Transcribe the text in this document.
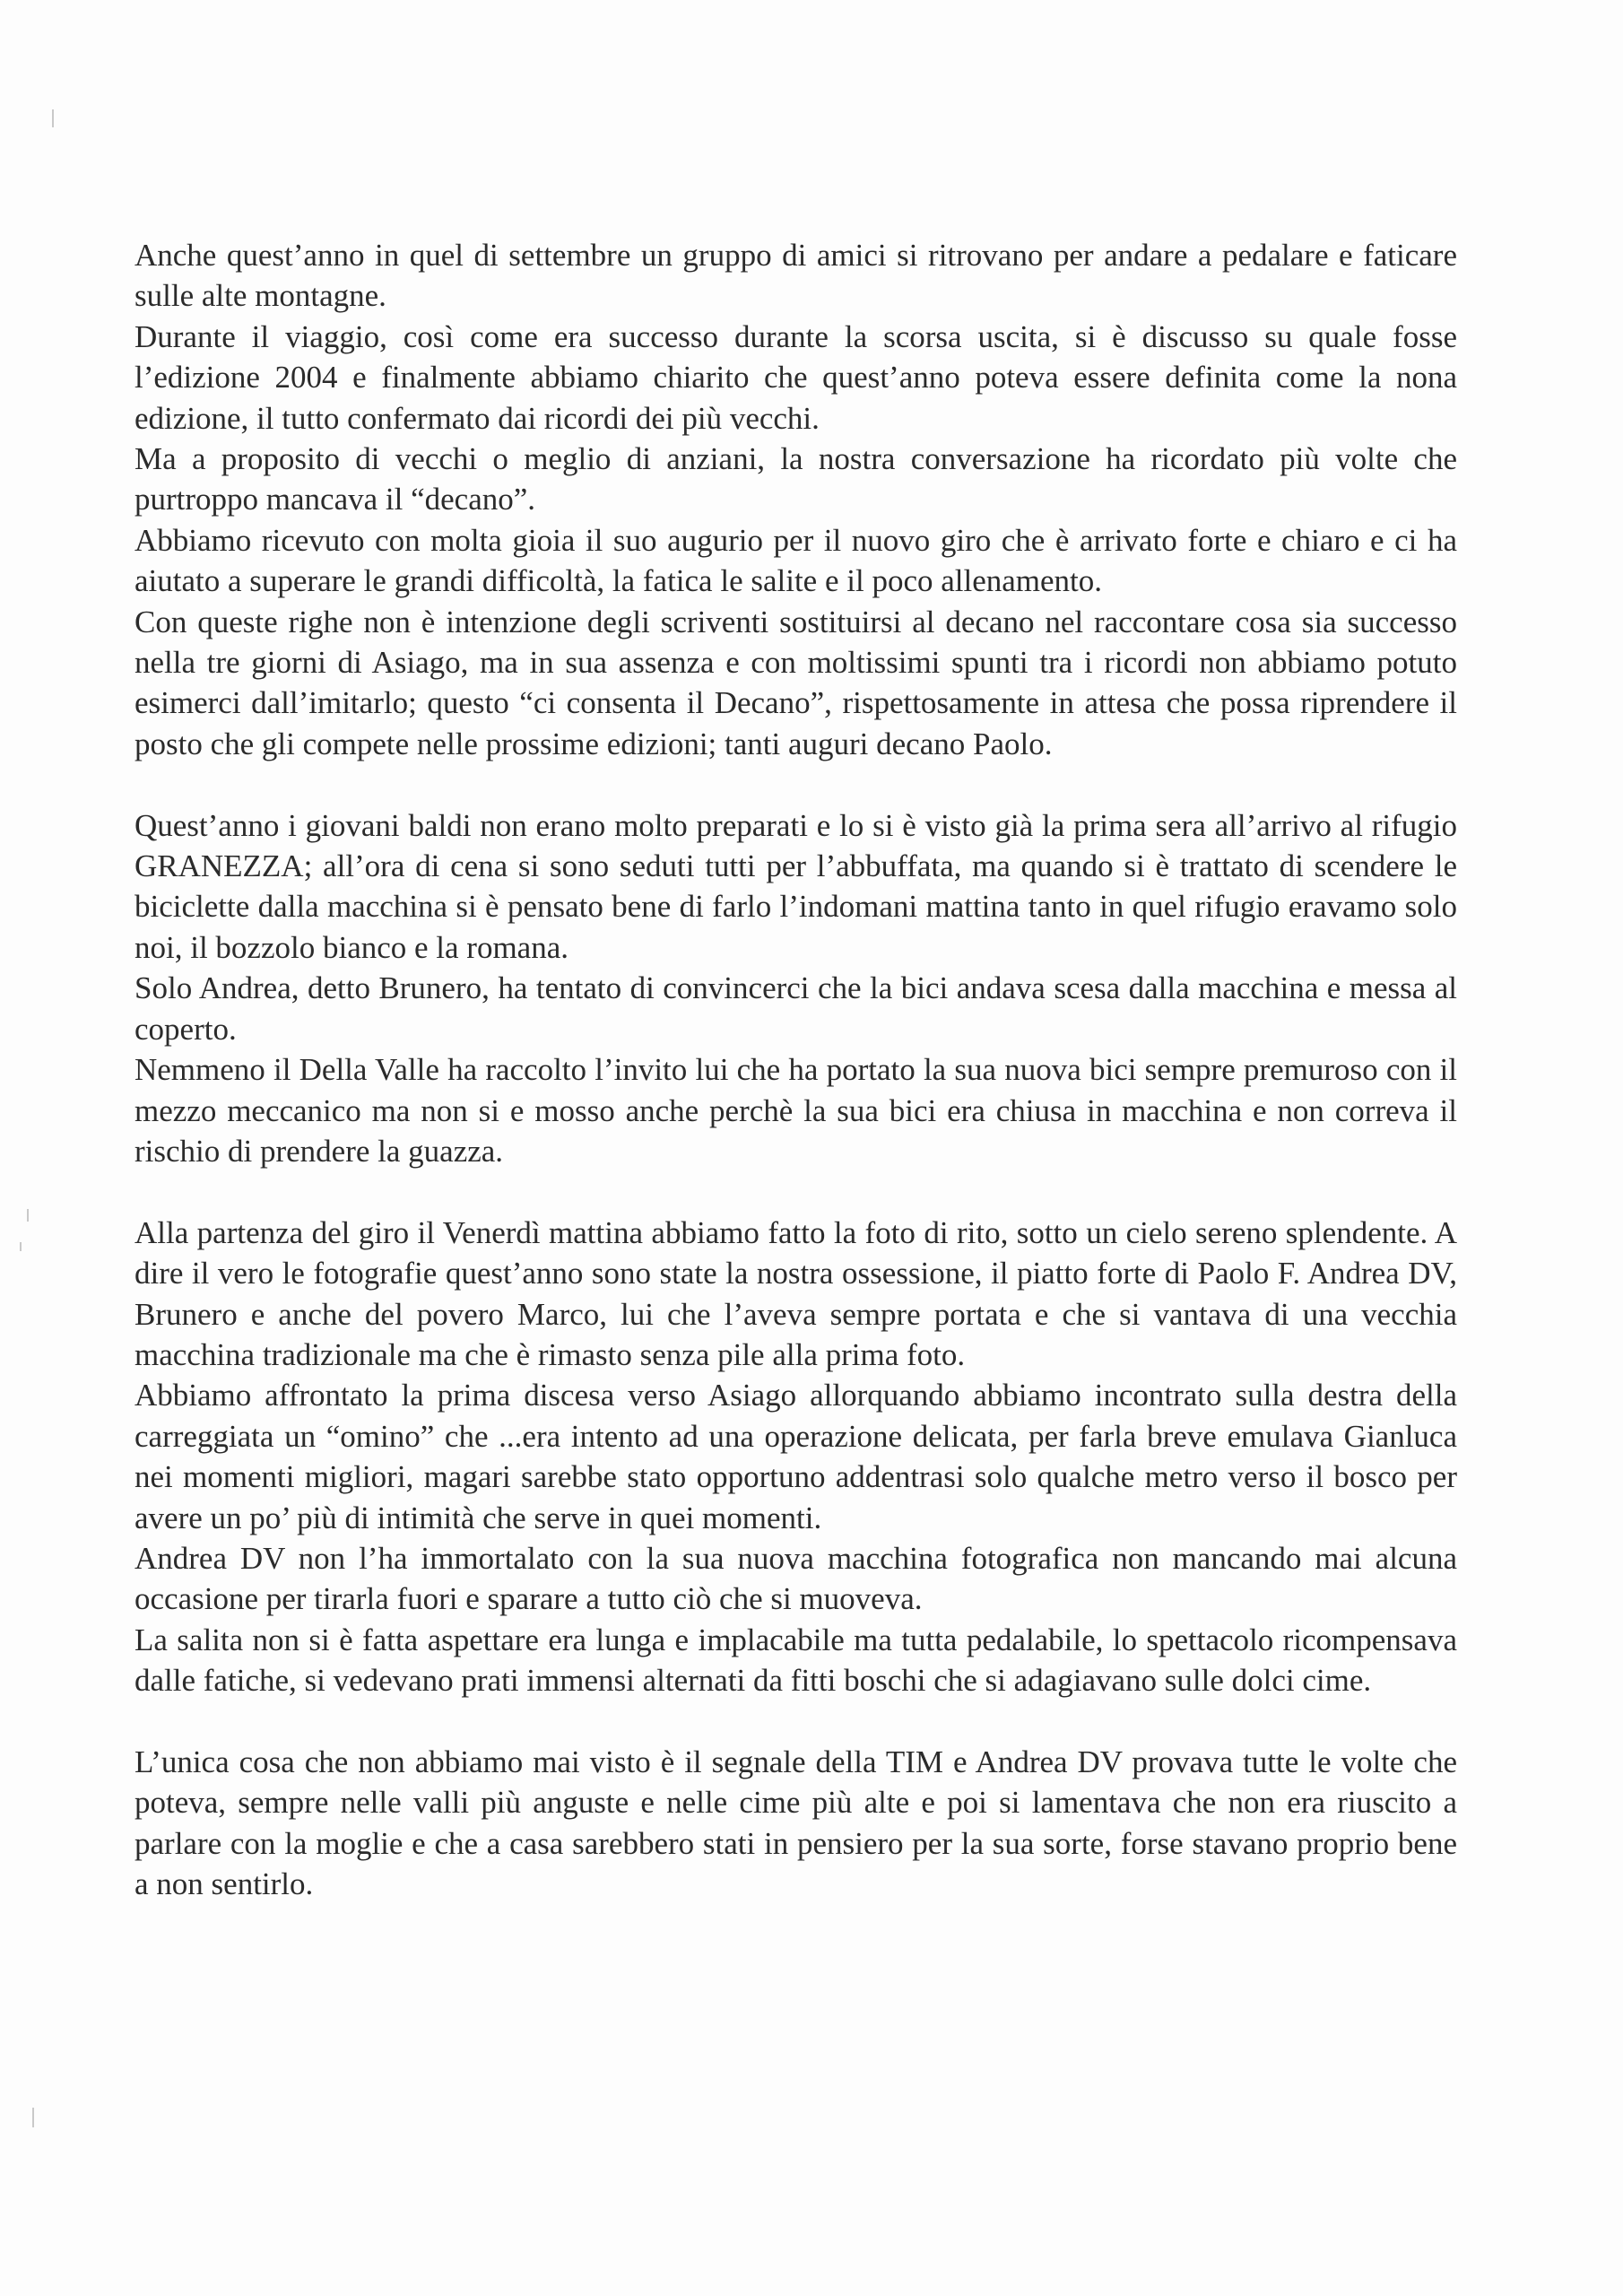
Anche quest’anno in quel di settembre un gruppo di amici si ritrovano per andare a pedalare e faticare sulle alte montagne.

Durante il viaggio, così come era successo durante la scorsa uscita, si è discusso su quale fosse l’edizione 2004 e finalmente abbiamo chiarito che quest’anno poteva essere definita come la nona edizione, il tutto confermato dai ricordi dei più vecchi.

Ma a proposito di vecchi o meglio di anziani, la nostra conversazione ha ricordato più volte che purtroppo mancava il “decano”.

Abbiamo ricevuto con molta gioia il suo augurio per il nuovo giro che è arrivato forte e chiaro e ci ha aiutato a superare le grandi difficoltà, la fatica le salite e il poco allenamento.

Con queste righe non è intenzione degli scriventi sostituirsi al decano nel raccontare cosa sia successo nella tre giorni di Asiago, ma in sua assenza e con moltissimi spunti tra i ricordi non abbiamo potuto esimerci dall’imitarlo; questo “ci consenta il Decano”, rispettosamente in attesa che possa riprendere il posto che gli compete nelle prossime edizioni; tanti auguri decano Paolo.

Quest’anno i giovani baldi non erano molto preparati e lo si è visto già la prima sera all’arrivo al rifugio GRANEZZA; all’ora di cena si sono seduti tutti per l’abbuffata, ma quando si è trattato di scendere le biciclette dalla macchina si è pensato bene di farlo l’indomani mattina tanto in quel rifugio eravamo solo noi, il bozzolo bianco e la romana.

Solo Andrea, detto Brunero, ha tentato di convincerci che la bici andava scesa dalla macchina e messa al coperto.

Nemmeno il Della Valle ha raccolto l’invito lui che ha portato la sua nuova bici sempre premuroso con il mezzo meccanico ma non si e mosso anche perchè la sua bici era chiusa in macchina e non correva il rischio di prendere la guazza.

Alla partenza del giro il Venerdì mattina abbiamo fatto la foto di rito, sotto un cielo sereno splendente. A dire il vero le fotografie quest’anno sono state la nostra ossessione, il piatto forte di Paolo F. Andrea DV, Brunero e anche del povero Marco, lui che l’aveva sempre portata e che si vantava di una vecchia macchina tradizionale ma che è rimasto senza pile alla prima foto.

Abbiamo affrontato la prima discesa verso Asiago allorquando abbiamo incontrato sulla destra della carreggiata un “omino” che ...era intento ad una operazione delicata, per farla breve emulava Gianluca nei momenti migliori, magari sarebbe stato opportuno addentrasi solo qualche metro verso il bosco per avere un po’ più di intimità che serve in quei momenti.

Andrea DV non l’ha immortalato con la sua nuova macchina fotografica non mancando mai alcuna occasione per tirarla fuori e sparare a tutto ciò che si muoveva.

La salita non si è fatta aspettare era lunga e implacabile ma tutta pedalabile, lo spettacolo ricompensava dalle fatiche, si vedevano prati immensi alternati da fitti boschi che si adagiavano sulle dolci cime.

L’unica cosa che non abbiamo mai visto è il segnale della TIM e Andrea DV provava tutte le volte che poteva, sempre nelle valli più anguste e nelle cime più alte e poi si lamentava che non era riuscito a parlare con la moglie e che a casa sarebbero stati in pensiero per la sua sorte, forse stavano proprio bene a non sentirlo.
